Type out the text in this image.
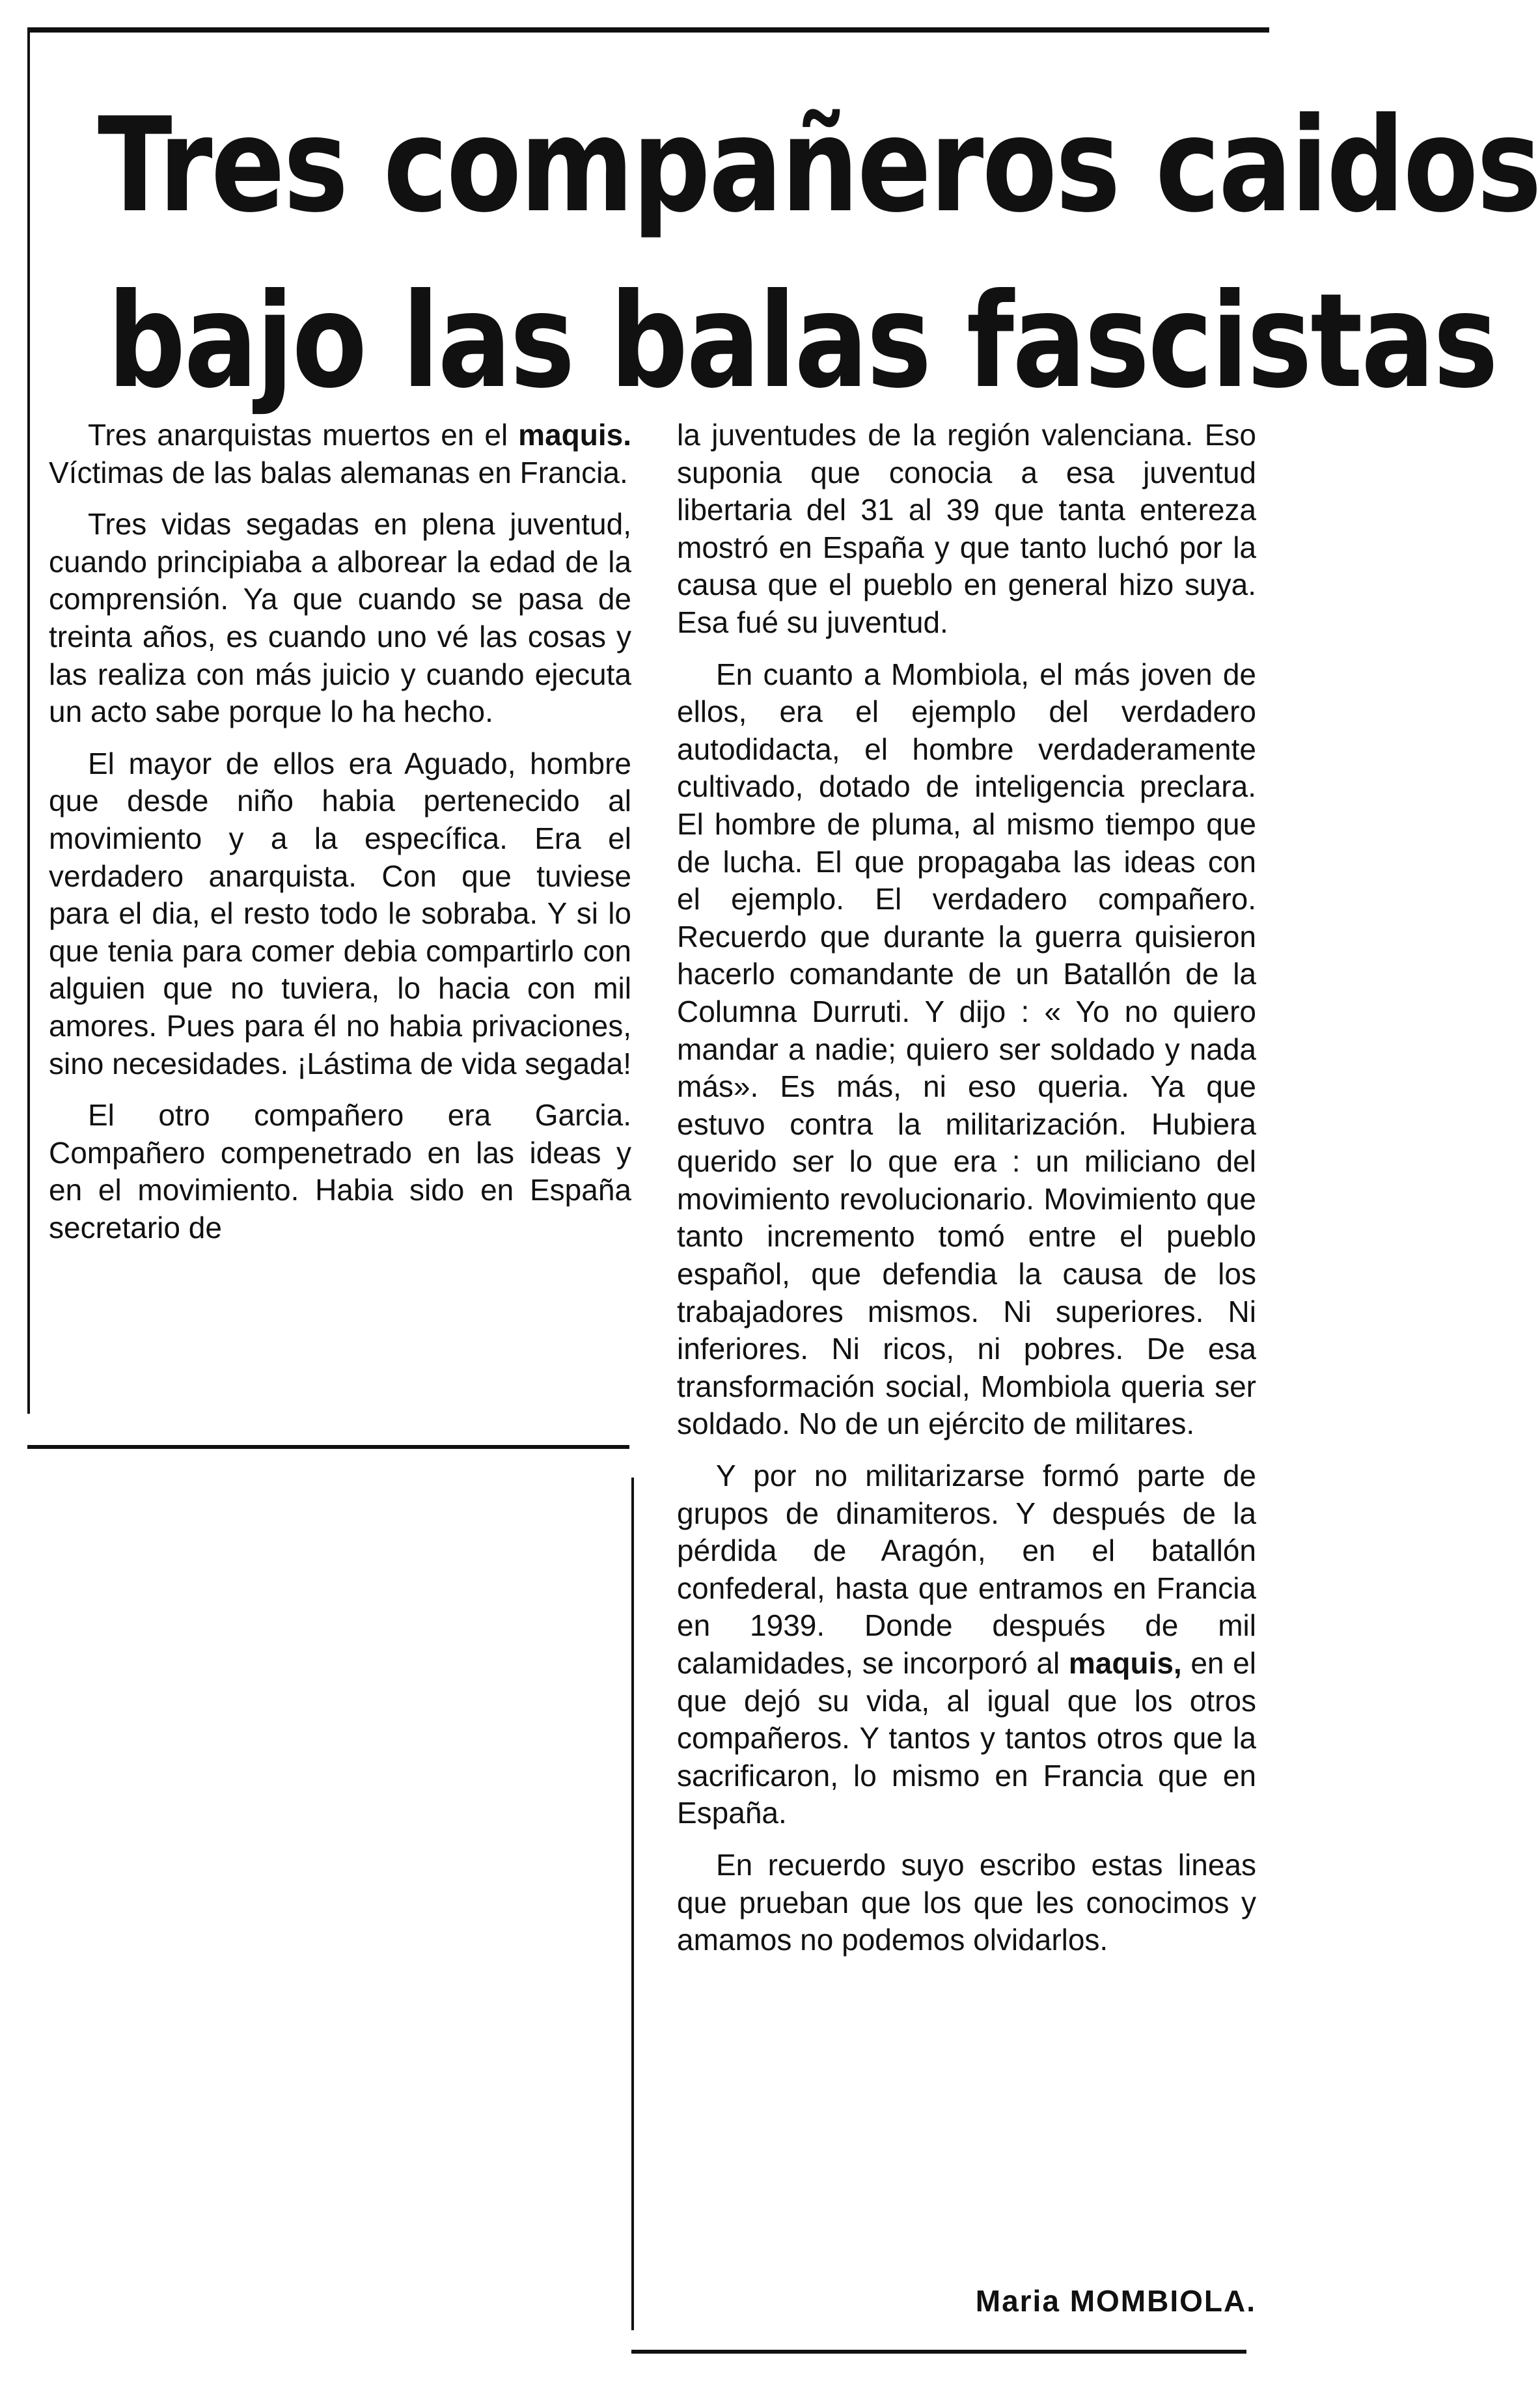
Tres compañeros caidos
bajo las balas fascistas

Tres anarquistas muertos en el maquis. Víctimas de las balas alemanas en Francia.

Tres vidas segadas en plena juventud, cuando principiaba a alborear la edad de la comprensión. Ya que cuando se pasa de treinta años, es cuando uno vé las cosas y las realiza con más juicio y cuando ejecuta un acto sabe porque lo ha hecho.

El mayor de ellos era Aguado, hombre que desde niño habia pertenecido al movimiento y a la específica. Era el verdadero anarquista. Con que tuviese para el dia, el resto todo le sobraba. Y si lo que tenia para comer debia compartirlo con alguien que no tuviera, lo hacia con mil amores. Pues para él no habia privaciones, sino necesidades. ¡Lástima de vida segada!

El otro compañero era Garcia. Compañero compenetrado en las ideas y en el movimiento. Habia sido en España secretario de

la juventudes de la región valenciana. Eso suponia que conocia a esa juventud libertaria del 31 al 39 que tanta entereza mostró en España y que tanto luchó por la causa que el pueblo en general hizo suya. Esa fué su juventud.

En cuanto a Mombiola, el más joven de ellos, era el ejemplo del verdadero autodidacta, el hombre verdaderamente cultivado, dotado de inteligencia preclara. El hombre de pluma, al mismo tiempo que de lucha. El que propagaba las ideas con el ejemplo. El verdadero compañero. Recuerdo que durante la guerra quisieron hacerlo comandante de un Batallón de la Columna Durruti. Y dijo : « Yo no quiero mandar a nadie; quiero ser soldado y nada más». Es más, ni eso queria. Ya que estuvo contra la militarización. Hubiera querido ser lo que era : un miliciano del movimiento revolucionario. Movimiento que tanto incremento tomó entre el pueblo español, que defendia la causa de los trabajadores mismos. Ni superiores. Ni inferiores. Ni ricos, ni pobres. De esa transformación social, Mombiola queria ser soldado. No de un ejército de militares.

Y por no militarizarse formó parte de grupos de dinamiteros. Y después de la pérdida de Aragón, en el batallón confederal, hasta que entramos en Francia en 1939. Donde después de mil calamidades, se incorporó al maquis, en el que dejó su vida, al igual que los otros compañeros. Y tantos y tantos otros que la sacrificaron, lo mismo en Francia que en España.

En recuerdo suyo escribo estas lineas que prueban que los que les conocimos y amamos no podemos olvidarlos.

Maria MOMBIOLA.
